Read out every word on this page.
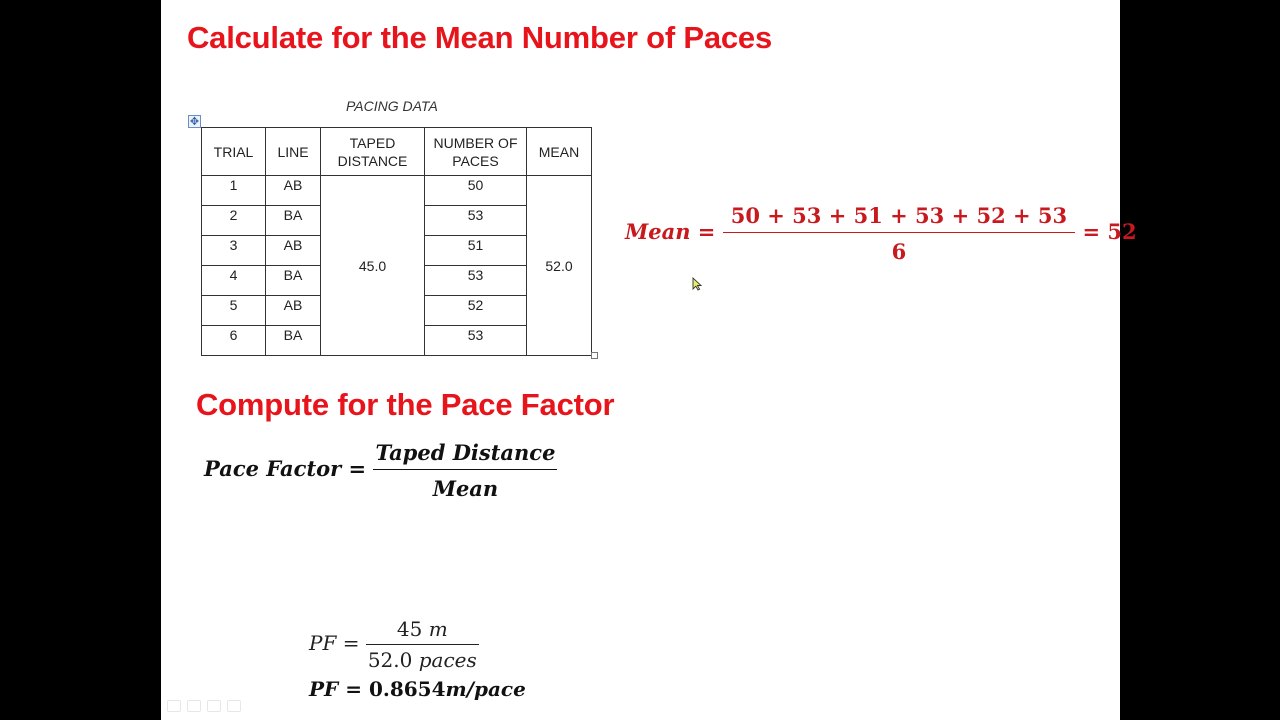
Calculate for the Mean Number of Paces
PACING DATA
✥
TRIAL	LINE	TAPED DISTANCE	NUMBER OF PACES	MEAN
1	AB	45.0	50	52.0
2	BA		53	
3	AB		51	
4	BA		53	
5	AB		52	
6	BA		53	
Mean = $\frac{50 + 53 + 51 + 53 + 52 + 53}{6} = 52$
Compute for the Pace Factor
Pace Factor = $\frac{\text{Taped Distance}}{\text{Mean}}$
PF = $\frac{45 m}{\text{52.0 paces}}$
PF = 0.8654m/pace
